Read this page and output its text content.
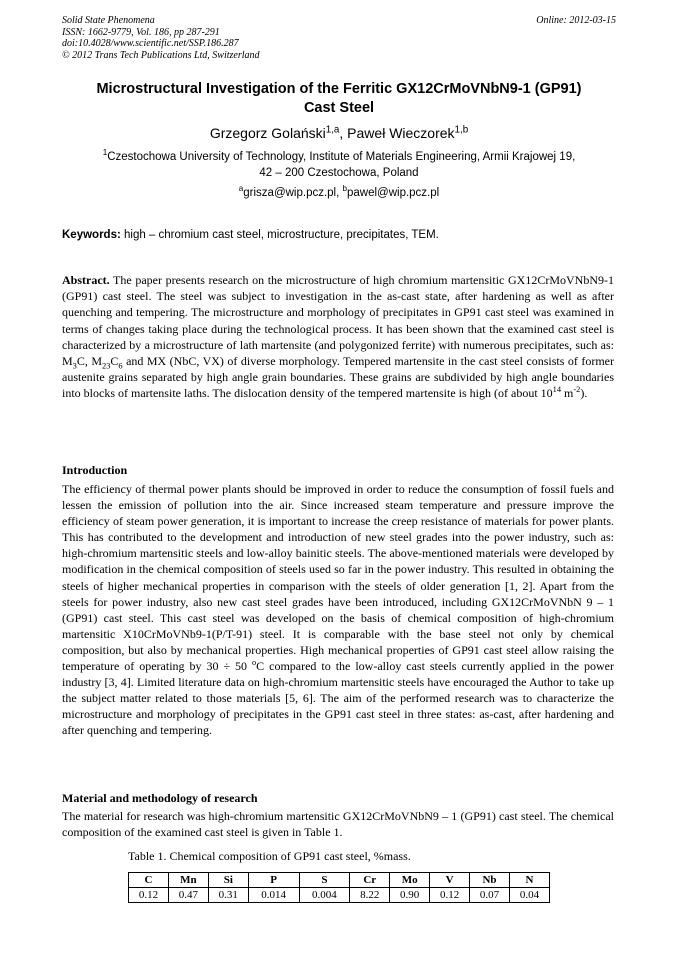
Solid State Phenomena
ISSN: 1662-9779, Vol. 186, pp 287-291
doi:10.4028/www.scientific.net/SSP.186.287
© 2012 Trans Tech Publications Ltd, Switzerland
Online: 2012-03-15
Microstructural Investigation of the Ferritic GX12CrMoVNbN9-1 (GP91)
Cast Steel
Grzegorz Golański$^{1,a}$, Paweł Wieczorek$^{1,b}$
$^1$Czestochowa University of Technology, Institute of Materials Engineering, Armii Krajowej 19,
42 – 200 Czestochowa, Poland
$^a$grisza@wip.pcz.pl, $^b$pawel@wip.pcz.pl
Keywords: high – chromium cast steel, microstructure, precipitates, TEM.
Abstract. The paper presents research on the microstructure of high chromium martensitic GX12CrMoVNbN9-1 (GP91) cast steel. The steel was subject to investigation in the as-cast state, after hardening as well as after quenching and tempering. The microstructure and morphology of precipitates in GP91 cast steel was examined in terms of changes taking place during the technological process. It has been shown that the examined cast steel is characterized by a microstructure of lath martensite (and polygonized ferrite) with numerous precipitates, such as: $M_3C$, $M_{23}C_6$ and MX (NbC, VX) of diverse morphology. Tempered martensite in the cast steel consists of former austenite grains separated by high angle grain boundaries. These grains are subdivided by high angle boundaries into blocks of martensite laths. The dislocation density of the tempered martensite is high (of about $10^{14}$ $m^{-2}$).
Introduction
The efficiency of thermal power plants should be improved in order to reduce the consumption of fossil fuels and lessen the emission of pollution into the air. Since increased steam temperature and pressure improve the efficiency of steam power generation, it is important to increase the creep resistance of materials for power plants. This has contributed to the development and introduction of new steel grades into the power industry, such as: high-chromium martensitic steels and low-alloy bainitic steels. The above-mentioned materials were developed by modification in the chemical composition of steels used so far in the power industry. This resulted in obtaining the steels of higher mechanical properties in comparison with the steels of older generation [1, 2]. Apart from the steels for power industry, also new cast steel grades have been introduced, including GX12CrMoVNbN 9 – 1 (GP91) cast steel. This cast steel was developed on the basis of chemical composition of high-chromium martensitic X10CrMoVNb9-1(P/T-91) steel. It is comparable with the base steel not only by chemical composition, but also by mechanical properties. High mechanical properties of GP91 cast steel allow raising the temperature of operating by 30 ÷ 50 $^o$C compared to the low-alloy cast steels currently applied in the power industry [3, 4]. Limited literature data on high-chromium martensitic steels have encouraged the Author to take up the subject matter related to those materials [5, 6]. The aim of the performed research was to characterize the microstructure and morphology of precipitates in the GP91 cast steel in three states: as-cast, after hardening and after quenching and tempering.
Material and methodology of research
The material for research was high-chromium martensitic GX12CrMoVNbN9 – 1 (GP91) cast steel. The chemical composition of the examined cast steel is given in Table 1.
Table 1. Chemical composition of GP91 cast steel, %mass.
C	Mn	Si	P	S	Cr	Mo	V	Nb	N
0.12	0.47	0.31	0.014	0.004	8.22	0.90	0.12	0.07	0.04
